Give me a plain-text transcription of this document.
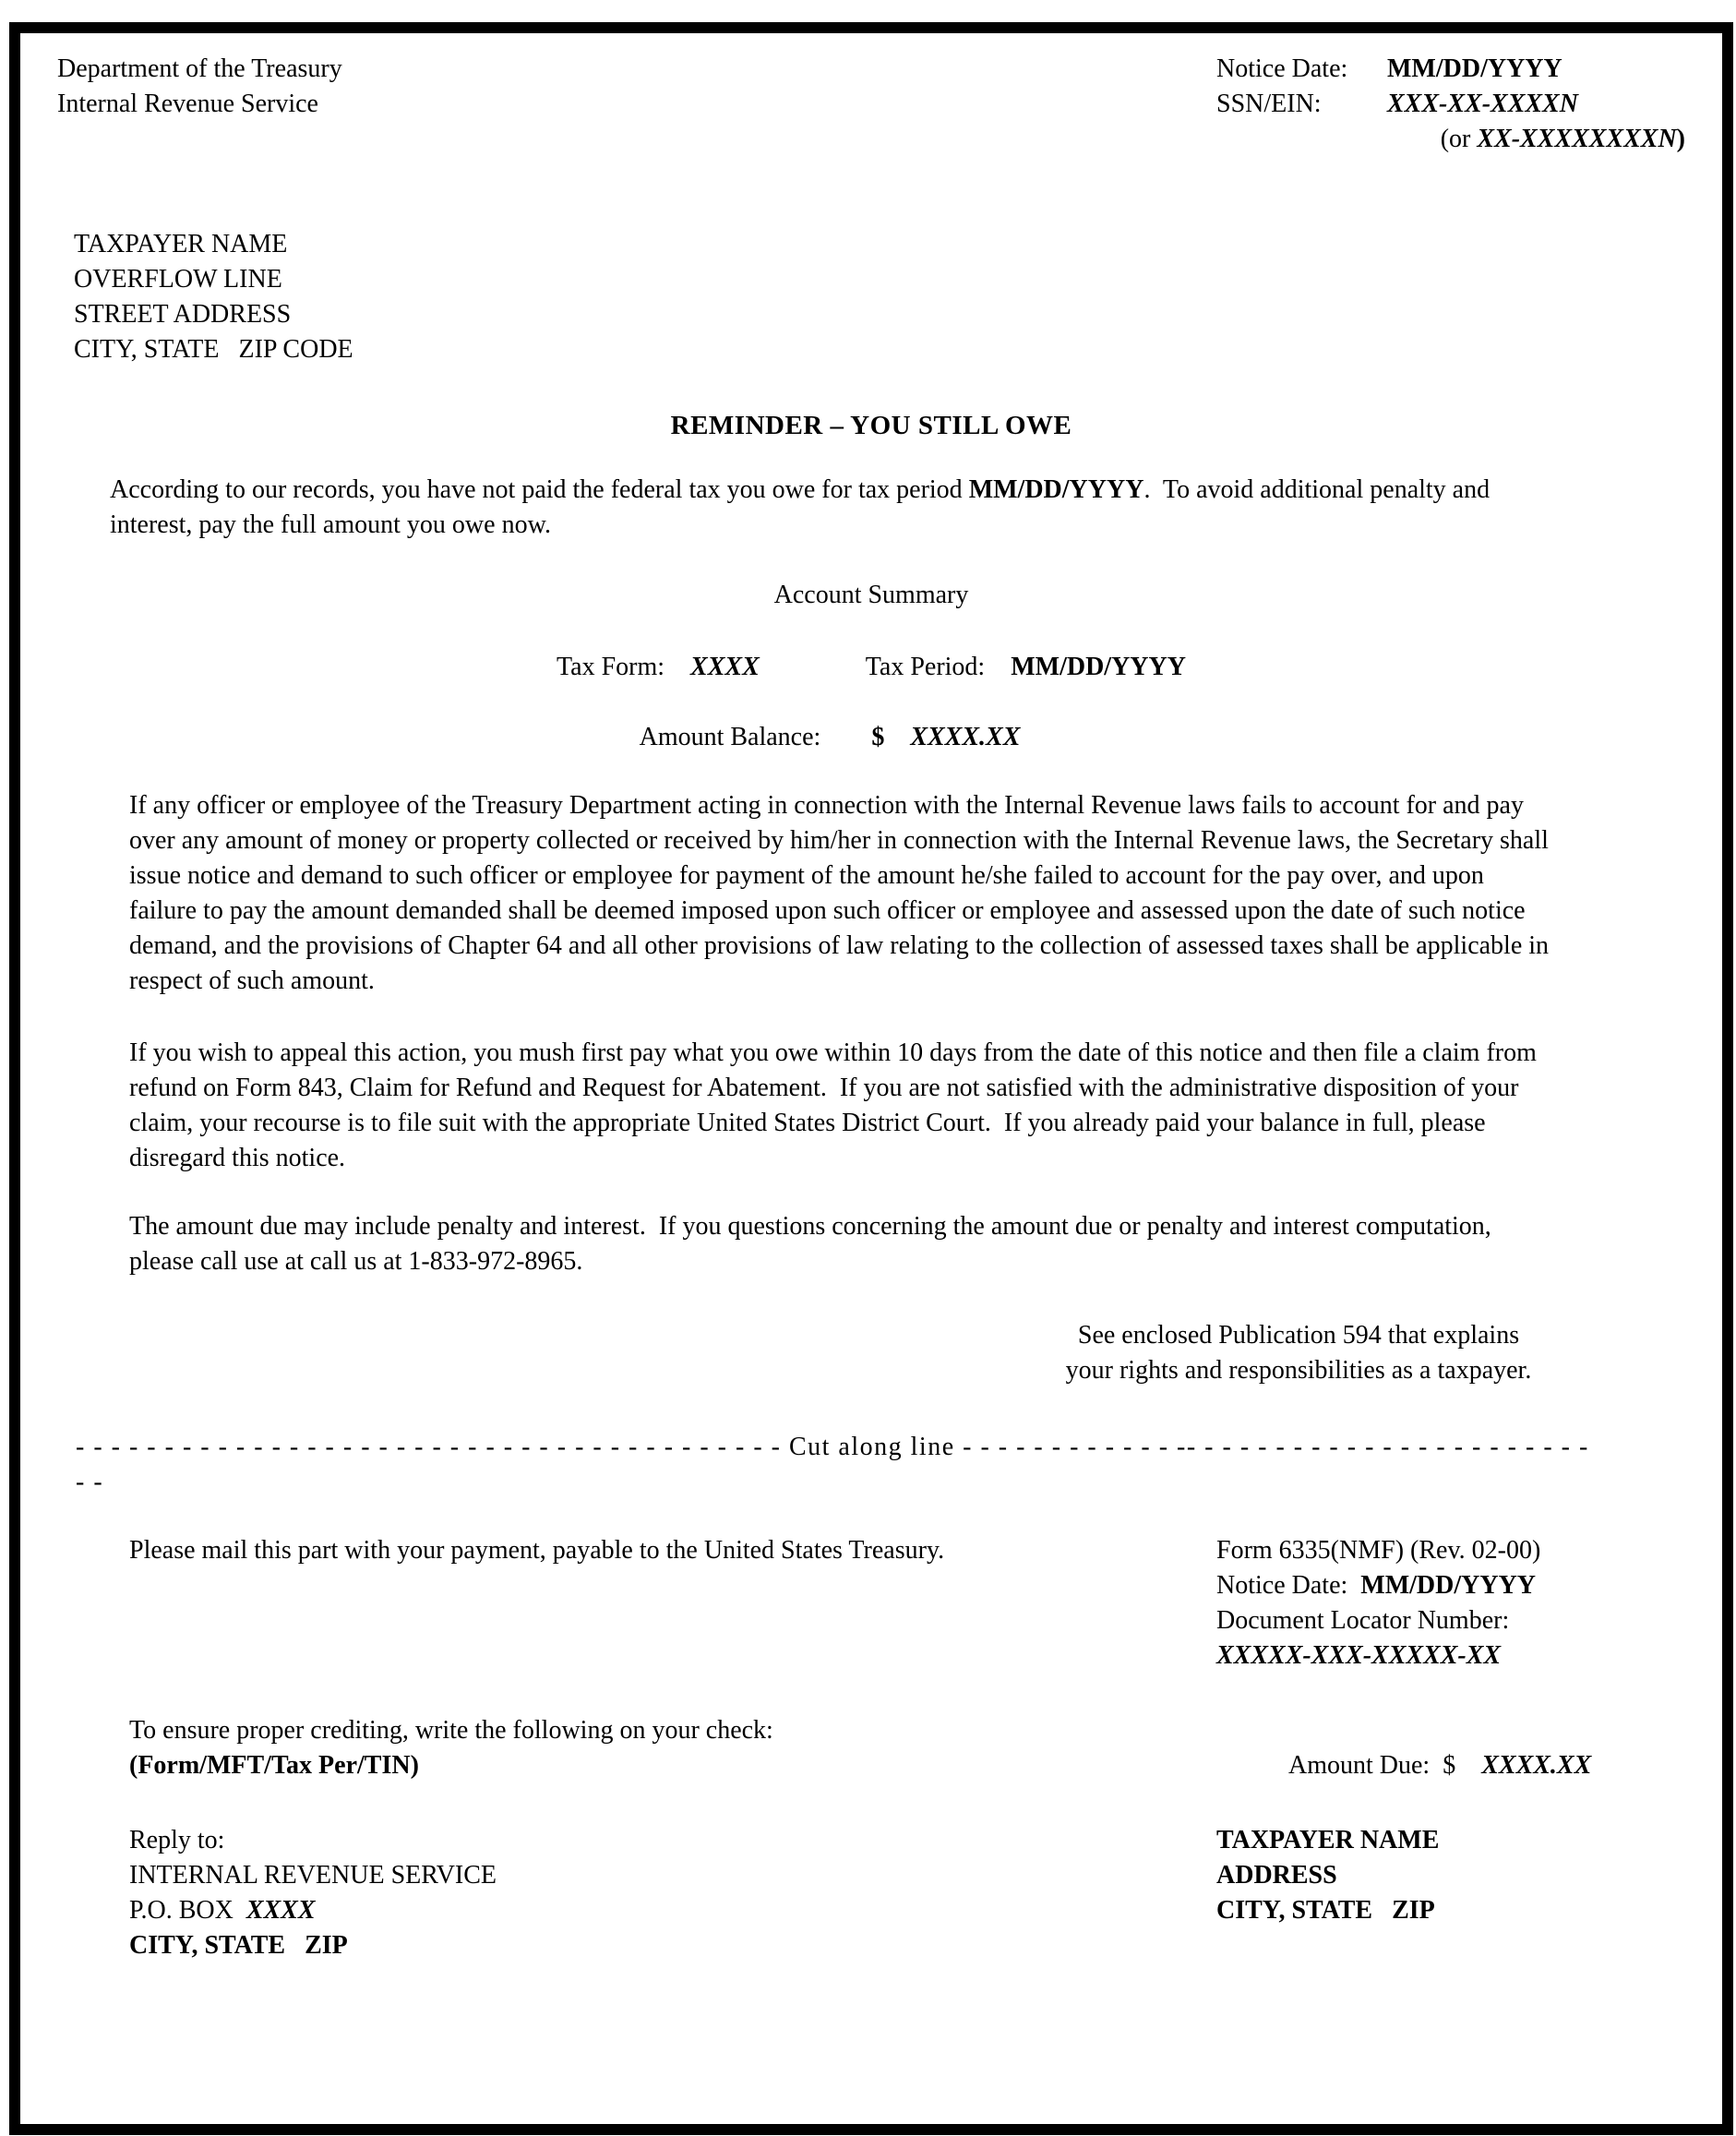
Department of the Treasury
Internal Revenue Service
Notice Date:	MM/DD/YYYY
SSN/EIN:	XXX-XX-XXXXN
(or XX-XXXXXXXXN )
TAXPAYER NAME
OVERFLOW LINE
STREET ADDRESS
CITY, STATE   ZIP CODE
REMINDER – YOU STILL OWE

According to our records, you have not paid the federal tax you owe for tax period MM/DD/YYYY.  To avoid additional penalty and interest, pay the full amount you owe now.

Account Summary
Tax Form: XXXX	Tax Period: MM/DD/YYYY
Amount Balance: $ XXXX.XX

If any officer or employee of the Treasury Department acting in connection with the Internal Revenue laws fails to account for and pay over any amount of money or property collected or received by him/her in connection with the Internal Revenue laws, the Secretary shall issue notice and demand to such officer or employee for payment of the amount he/she failed to account for the pay over, and upon failure to pay the amount demanded shall be deemed imposed upon such officer or employee and assessed upon the date of such notice demand, and the provisions of Chapter 64 and all other provisions of law relating to the collection of assessed taxes shall be applicable in respect of such amount.

If you wish to appeal this action, you mush first pay what you owe within 10 days from the date of this notice and then file a claim from refund on Form 843, Claim for Refund and Request for Abatement.  If you are not satisfied with the administrative disposition of your claim, your recourse is to file suit with the appropriate United States District Court.  If you already paid your balance in full, please disregard this notice.

The amount due may include penalty and interest.  If you questions concerning the amount due or penalty and interest computation, please call use at call us at 1-833-972-8965.

See enclosed Publication 594 that explains
your rights and responsibilities as a taxpayer.
- - - - - - - - - - - - - - - - - - - - - - - - - - - - - - - - - - - - - - - - Cut along line - - - - - - - - - - - - -- - - - - - - - - - - - - - - - - - - - - - -
- -
Please mail this part with your payment, payable to the United States Treasury.	Form 6335(NMF) (Rev. 02-00)
Notice Date:  MM/DD/YYYY
Document Locator Number:
XXXXX-XXX-XXXXX-XX
To ensure proper crediting, write the following on your check:
(Form/MFT/Tax Per/TIN)	Amount Due:  $ XXXX.XX
Reply to:
INTERNAL REVENUE SERVICE
P.O. BOX  XXXX
CITY, STATE   ZIP
TAXPAYER NAME
ADDRESS
CITY, STATE   ZIP
